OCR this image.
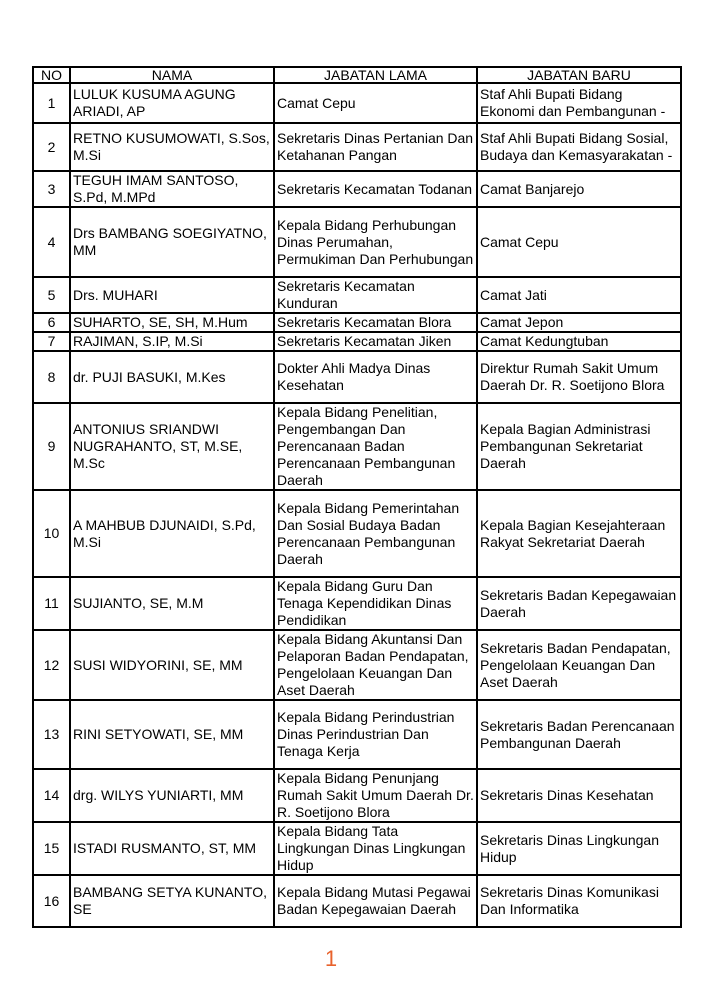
NO	NAMA	JABATAN LAMA	JABATAN BARU
1	LULUK KUSUMA AGUNG ARIADI, AP	Camat Cepu	Staf Ahli Bupati Bidang Ekonomi dan Pembangunan -
2	RETNO KUSUMOWATI, S.Sos, M.Si	Sekretaris Dinas Pertanian Dan Ketahanan Pangan	Staf Ahli Bupati Bidang Sosial, Budaya dan Kemasyarakatan -
3	TEGUH IMAM SANTOSO, S.Pd, M.MPd	Sekretaris Kecamatan Todanan	Camat Banjarejo
4	Drs BAMBANG SOEGIYATNO, MM	Kepala Bidang Perhubungan Dinas Perumahan, Permukiman Dan Perhubungan	Camat Cepu
5	Drs. MUHARI	Sekretaris Kecamatan Kunduran	Camat Jati
6	SUHARTO, SE, SH, M.Hum	Sekretaris Kecamatan Blora	Camat Jepon
7	RAJIMAN, S.IP, M.Si	Sekretaris Kecamatan Jiken	Camat Kedungtuban
8	dr. PUJI BASUKI, M.Kes	Dokter Ahli Madya Dinas Kesehatan	Direktur Rumah Sakit Umum Daerah Dr. R. Soetijono Blora
9	ANTONIUS SRIANDWI NUGRAHANTO, ST, M.SE, M.Sc	Kepala Bidang Penelitian, Pengembangan Dan Perencanaan Badan Perencanaan Pembangunan Daerah	Kepala Bagian Administrasi Pembangunan Sekretariat Daerah
10	A MAHBUB DJUNAIDI, S.Pd, M.Si	Kepala Bidang Pemerintahan Dan Sosial Budaya Badan Perencanaan Pembangunan Daerah	Kepala Bagian Kesejahteraan Rakyat Sekretariat Daerah
11	SUJIANTO, SE, M.M	Kepala Bidang Guru Dan Tenaga Kependidikan Dinas Pendidikan	Sekretaris Badan Kepegawaian Daerah
12	SUSI WIDYORINI, SE, MM	Kepala Bidang Akuntansi Dan Pelaporan Badan Pendapatan, Pengelolaan Keuangan Dan Aset Daerah	Sekretaris Badan Pendapatan, Pengelolaan Keuangan Dan Aset Daerah
13	RINI SETYOWATI, SE, MM	Kepala Bidang Perindustrian Dinas Perindustrian Dan Tenaga Kerja	Sekretaris Badan Perencanaan Pembangunan Daerah
14	drg. WILYS YUNIARTI, MM	Kepala Bidang Penunjang Rumah Sakit Umum Daerah Dr. R. Soetijono Blora	Sekretaris Dinas Kesehatan
15	ISTADI RUSMANTO, ST, MM	Kepala Bidang Tata Lingkungan Dinas Lingkungan Hidup	Sekretaris Dinas Lingkungan Hidup
16	BAMBANG SETYA KUNANTO, SE	Kepala Bidang Mutasi Pegawai Badan Kepegawaian Daerah	Sekretaris Dinas Komunikasi Dan Informatika
1
